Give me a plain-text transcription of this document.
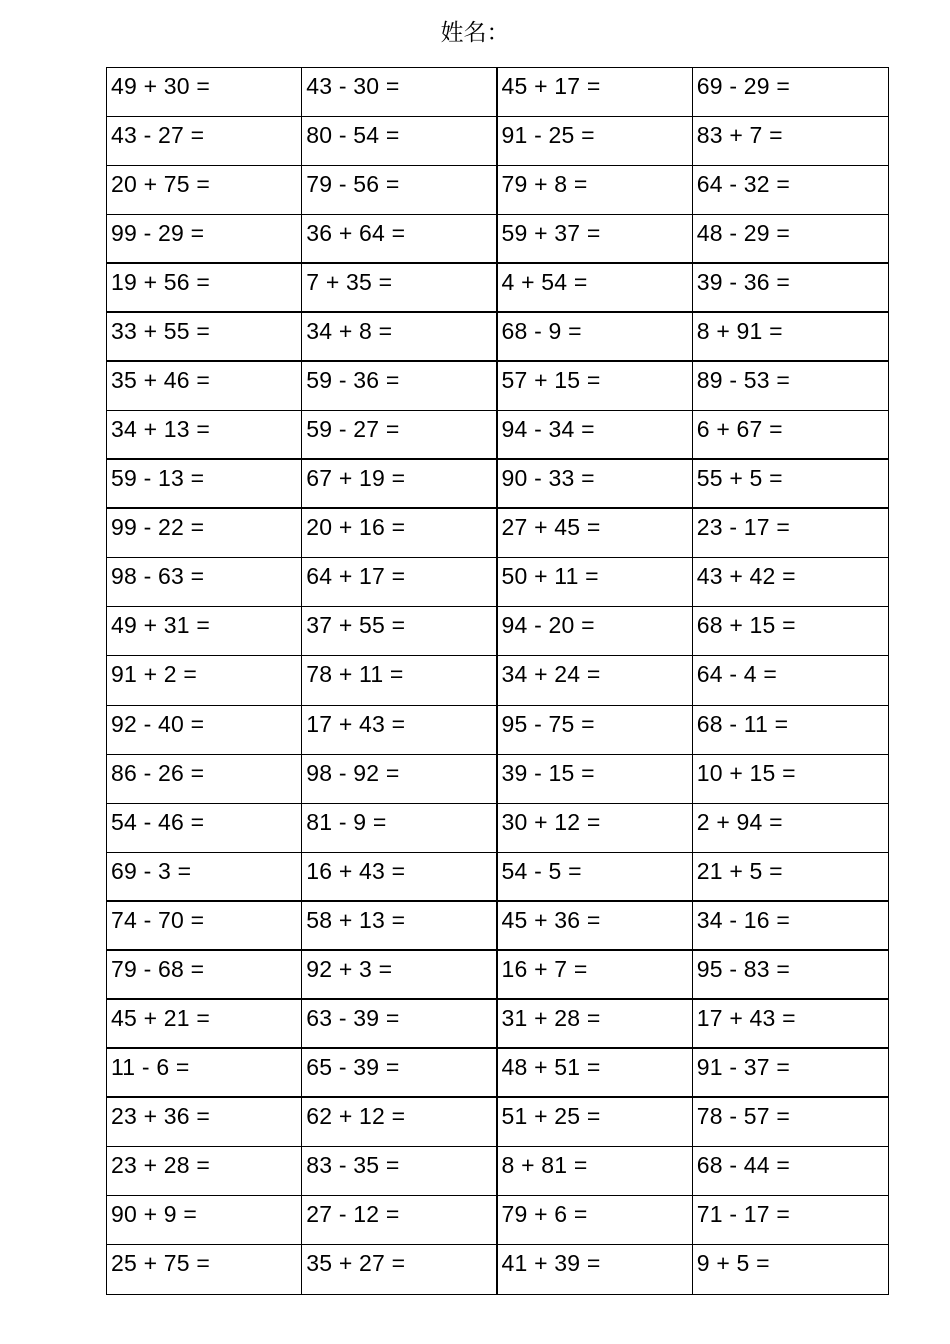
姓名：
49 + 30 =	43 - 30 =	45 + 17 =	69 - 29 =
43 - 27 =	80 - 54 =	91 - 25 =	83 + 7 =
20 + 75 =	79 - 56 =	79 + 8 =	64 - 32 =
99 - 29 =	36 + 64 =	59 + 37 =	48 - 29 =
19 + 56 =	7 + 35 =	4 + 54 =	39 - 36 =
33 + 55 =	34 + 8 =	68 - 9 =	8 + 91 =
35 + 46 =	59 - 36 =	57 + 15 =	89 - 53 =
34 + 13 =	59 - 27 =	94 - 34 =	6 + 67 =
59 - 13 =	67 + 19 =	90 - 33 =	55 + 5 =
99 - 22 =	20 + 16 =	27 + 45 =	23 - 17 =
98 - 63 =	64 + 17 =	50 + 11 =	43 + 42 =
49 + 31 =	37 + 55 =	94 - 20 =	68 + 15 =
91 + 2 =	78 + 11 =	34 + 24 =	64 - 4 =
92 - 40 =	17 + 43 =	95 - 75 =	68 - 11 =
86 - 26 =	98 - 92 =	39 - 15 =	10 + 15 =
54 - 46 =	81 - 9 =	30 + 12 =	2 + 94 =
69 - 3 =	16 + 43 =	54 - 5 =	21 + 5 =
74 - 70 =	58 + 13 =	45 + 36 =	34 - 16 =
79 - 68 =	92 + 3 =	16 + 7 =	95 - 83 =
45 + 21 =	63 - 39 =	31 + 28 =	17 + 43 =
11 - 6 =	65 - 39 =	48 + 51 =	91 - 37 =
23 + 36 =	62 + 12 =	51 + 25 =	78 - 57 =
23 + 28 =	83 - 35 =	8 + 81 =	68 - 44 =
90 + 9 =	27 - 12 =	79 + 6 =	71 - 17 =
25 + 75 =	35 + 27 =	41 + 39 =	9 + 5 =
